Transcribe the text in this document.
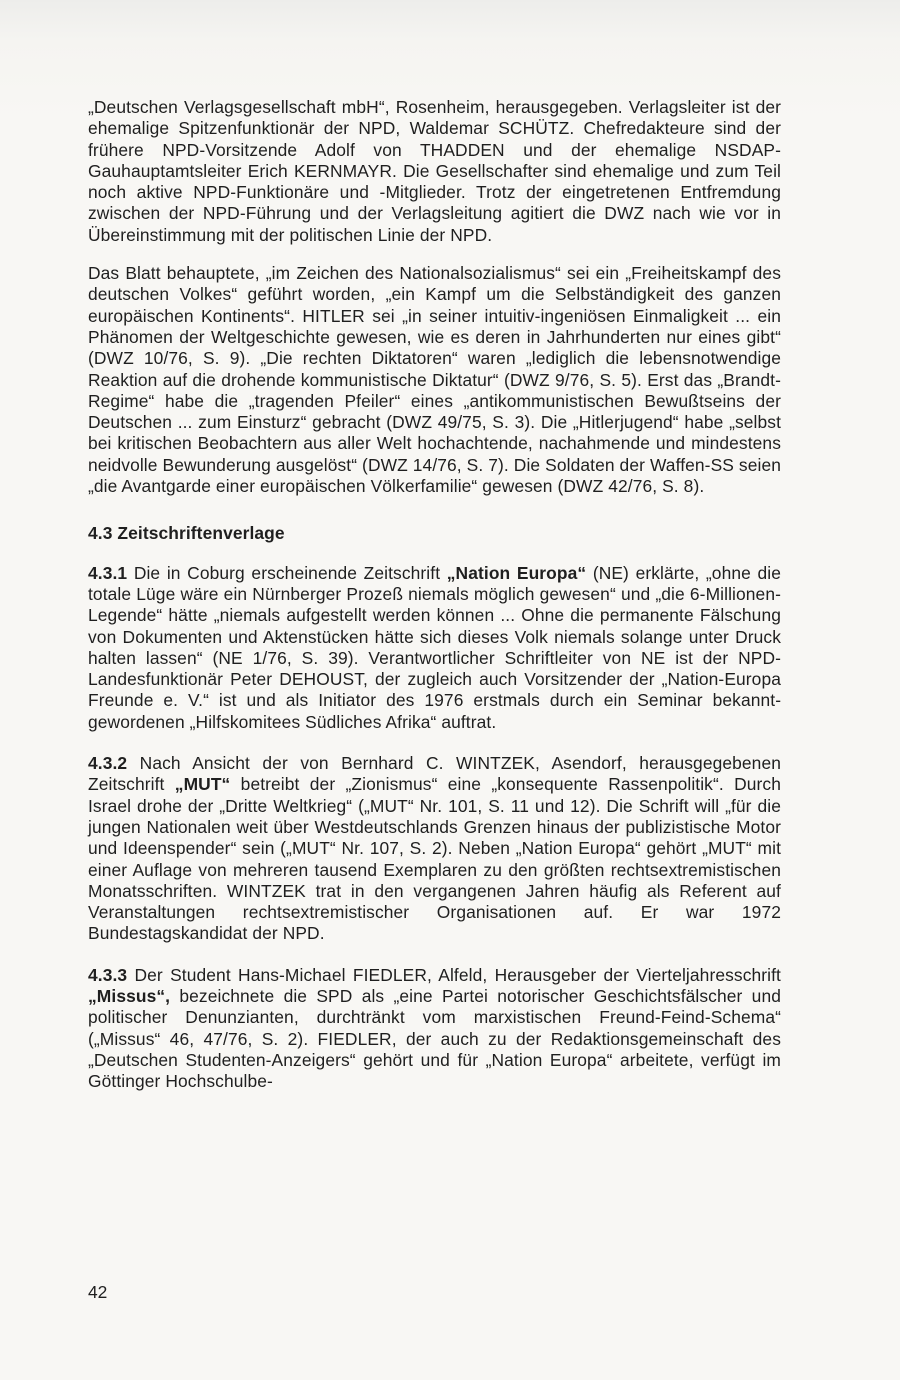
„Deutschen Verlagsgesellschaft mbH“, Rosenheim, herausgegeben. Verlagsleiter ist der ehemalige Spitzenfunktionär der NPD, Waldemar SCHÜTZ. Chefredakteure sind der frühere NPD-Vorsitzende Adolf von THADDEN und der ehemalige NSDAP-Gauhauptamtsleiter Erich KERNMAYR. Die Gesellschafter sind ehemalige und zum Teil noch aktive NPD-Funktionäre und -Mitglieder. Trotz der eingetretenen Entfremdung zwischen der NPD-Führung und der Verlagsleitung agitiert die DWZ nach wie vor in Übereinstimmung mit der politischen Linie der NPD.

Das Blatt behauptete, „im Zeichen des Nationalsozialismus“ sei ein „Freiheitskampf des deutschen Volkes“ geführt worden, „ein Kampf um die Selbständigkeit des ganzen europäischen Kontinents“. HITLER sei „in seiner intuitiv-ingeniösen Einmaligkeit ... ein Phänomen der Weltgeschichte gewesen, wie es deren in Jahrhunderten nur eines gibt“ (DWZ 10/76, S. 9). „Die rechten Diktatoren“ waren „lediglich die lebensnotwendige Reaktion auf die drohende kommunistische Diktatur“ (DWZ 9/76, S. 5). Erst das „Brandt-Regime“ habe die „tragenden Pfeiler“ eines „antikommunistischen Bewußtseins der Deutschen ... zum Einsturz“ gebracht (DWZ 49/75, S. 3). Die „Hitlerjugend“ habe „selbst bei kritischen Beobachtern aus aller Welt hochachtende, nachahmende und mindestens neidvolle Bewunderung ausgelöst“ (DWZ 14/76, S. 7). Die Soldaten der Waffen-SS seien „die Avantgarde einer europäischen Völkerfamilie“ gewesen (DWZ 42/76, S. 8).

4.3 Zeitschriftenverlage

4.3.1 Die in Coburg erscheinende Zeitschrift „Nation Europa“ (NE) erklärte, „ohne die totale Lüge wäre ein Nürnberger Prozeß niemals möglich gewesen“ und „die 6-Millionen-Legende“ hätte „niemals aufgestellt werden können ... Ohne die permanente Fälschung von Dokumenten und Aktenstücken hätte sich dieses Volk niemals solange unter Druck halten lassen“ (NE 1/76, S. 39). Verantwortlicher Schriftleiter von NE ist der NPD-Landesfunktionär Peter DEHOUST, der zugleich auch Vorsitzender der „Nation-Europa Freunde e. V.“ ist und als Initiator des 1976 erstmals durch ein Seminar bekanntgewordenen „Hilfskomitees Südliches Afrika“ auftrat.

4.3.2 Nach Ansicht der von Bernhard C. WINTZEK, Asendorf, herausgegebenen Zeitschrift „MUT“ betreibt der „Zionismus“ eine „konsequente Rassenpolitik“. Durch Israel drohe der „Dritte Weltkrieg“ („MUT“ Nr. 101, S. 11 und 12). Die Schrift will „für die jungen Nationalen weit über Westdeutschlands Grenzen hinaus der publizistische Motor und Ideenspender“ sein („MUT“ Nr. 107, S. 2). Neben „Nation Europa“ gehört „MUT“ mit einer Auflage von mehreren tausend Exemplaren zu den größten rechtsextremistischen Monatsschriften. WINTZEK trat in den vergangenen Jahren häufig als Referent auf Veranstaltungen rechtsextremistischer Organisationen auf. Er war 1972 Bundestagskandidat der NPD.

4.3.3 Der Student Hans-Michael FIEDLER, Alfeld, Herausgeber der Vierteljahresschrift „Missus“, bezeichnete die SPD als „eine Partei notorischer Geschichtsfälscher und politischer Denunzianten, durchtränkt vom marxistischen Freund-Feind-Schema“ („Missus“ 46, 47/76, S. 2). FIEDLER, der auch zu der Redaktionsgemeinschaft des „Deutschen Studenten-Anzeigers“ gehört und für „Nation Europa“ arbeitete, verfügt im Göttinger Hochschulbe-

42
